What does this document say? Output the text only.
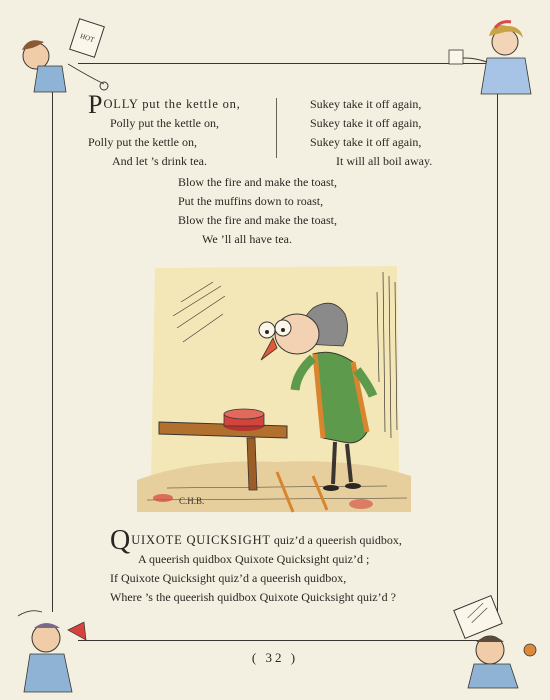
HOT
P OLLY put the kettle on,
Polly put the kettle on,
Polly put the kettle on,
And let ’s drink tea.
Sukey take it off again,
Sukey take it off again,
Sukey take it off again,
It will all boil away.
Blow the fire and make the toast,
Put the muffins down to roast,
Blow the fire and make the toast,
We ’ll all have tea.
C.H.B.
Q UIXOTE QUICKSIGHT quiz’d a queerish quidbox,
A queerish quidbox Quixote Quicksight quiz’d ;
If Quixote Quicksight quiz’d a queerish quidbox,
Where ’s the queerish quidbox Quixote Quicksight quiz’d ?
( 32 )
